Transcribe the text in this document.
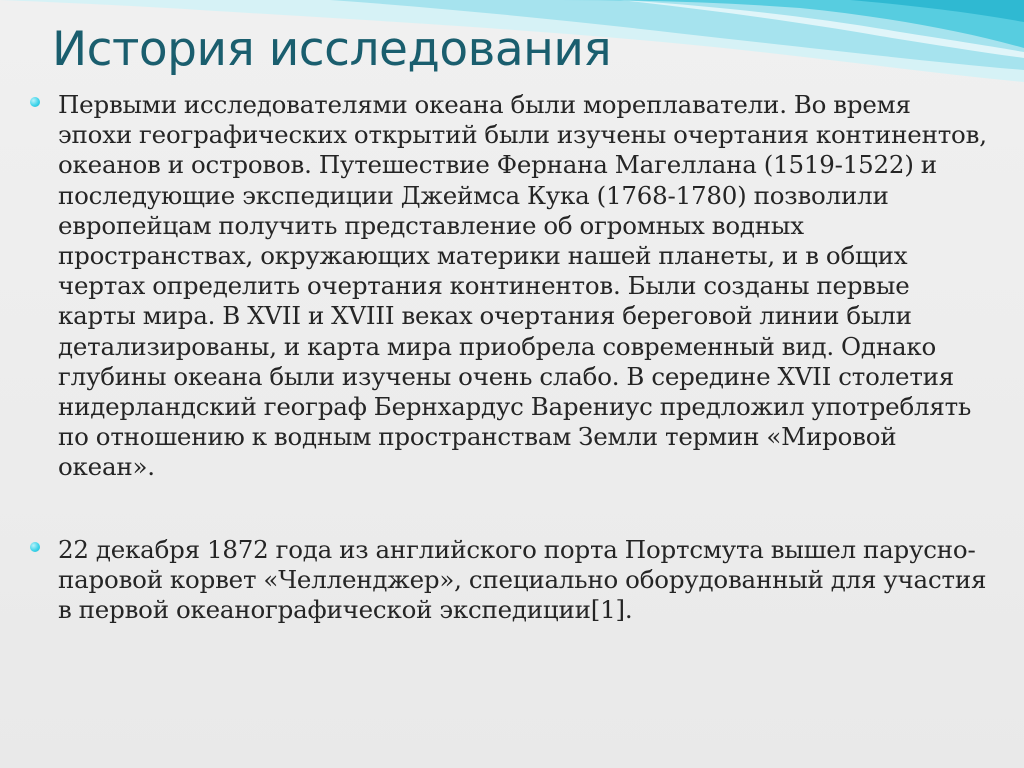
История исследования
Первыми исследователями океана были мореплаватели. Во время эпохи географических открытий были изучены очертания континентов, океанов и островов. Путешествие Фернана Магеллана (1519-1522) и последующие экспедиции Джеймса Кука (1768-1780) позволили европейцам получить представление об огромных водных пространствах, окружающих материки нашей планеты, и в общих чертах определить очертания континентов. Были созданы первые карты мира. В XVII и XVIII веках очертания береговой линии были детализированы, и карта мира приобрела современный вид. Однако глубины океана были изучены очень слабо. В середине XVII столетия нидерландский географ Бернхардус Варениус предложил употреблять по отношению к водным пространствам Земли термин «Мировой океан».
22 декабря 1872 года из английского порта Портсмута вышел парусно-паровой корвет «Челленджер», специально оборудованный для участия в первой океанографической экспедиции[1].
